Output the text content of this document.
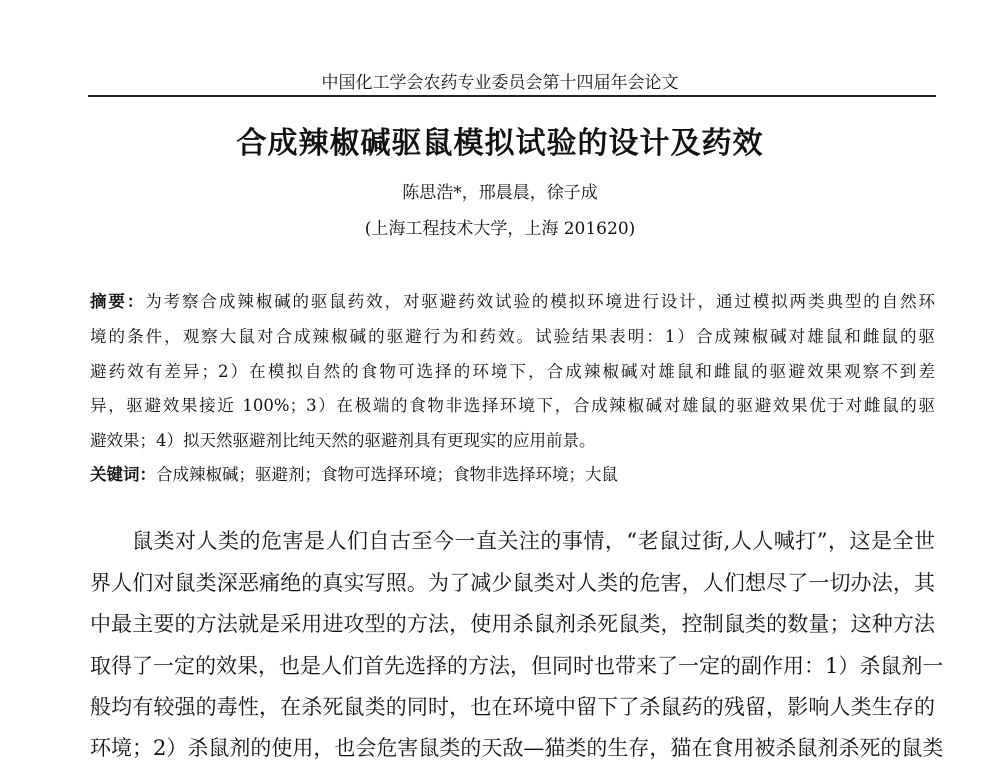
中国化工学会农药专业委员会第十四届年会论文
合成辣椒碱驱鼠模拟试验的设计及药效
陈思浩*，邢晨晨，徐子成
(上海工程技术大学，上海 201620)
摘要：为考察合成辣椒碱的驱鼠药效，对驱避药效试验的模拟环境进行设计，通过模拟两类典型的自然环
境的条件，观察大鼠对合成辣椒碱的驱避行为和药效。试验结果表明：1）合成辣椒碱对雄鼠和雌鼠的驱
避药效有差异；2）在模拟自然的食物可选择的环境下，合成辣椒碱对雄鼠和雌鼠的驱避效果观察不到差
异，驱避效果接近 100%；3）在极端的食物非选择环境下，合成辣椒碱对雄鼠的驱避效果优于对雌鼠的驱
避效果；4）拟天然驱避剂比纯天然的驱避剂具有更现实的应用前景。
关键词：合成辣椒碱；驱避剂；食物可选择环境；食物非选择环境；大鼠
鼠类对人类的危害是人们自古至今一直关注的事情，“老鼠过街,人人喊打”，这是全世
界人们对鼠类深恶痛绝的真实写照。为了减少鼠类对人类的危害，人们想尽了一切办法，其
中最主要的方法就是采用进攻型的方法，使用杀鼠剂杀死鼠类，控制鼠类的数量；这种方法
取得了一定的效果，也是人们首先选择的方法，但同时也带来了一定的副作用：1）杀鼠剂一
般均有较强的毒性，在杀死鼠类的同时，也在环境中留下了杀鼠药的残留，影响人类生存的
环境；2）杀鼠剂的使用，也会危害鼠类的天敌—猫类的生存，猫在食用被杀鼠剂杀死的鼠类
